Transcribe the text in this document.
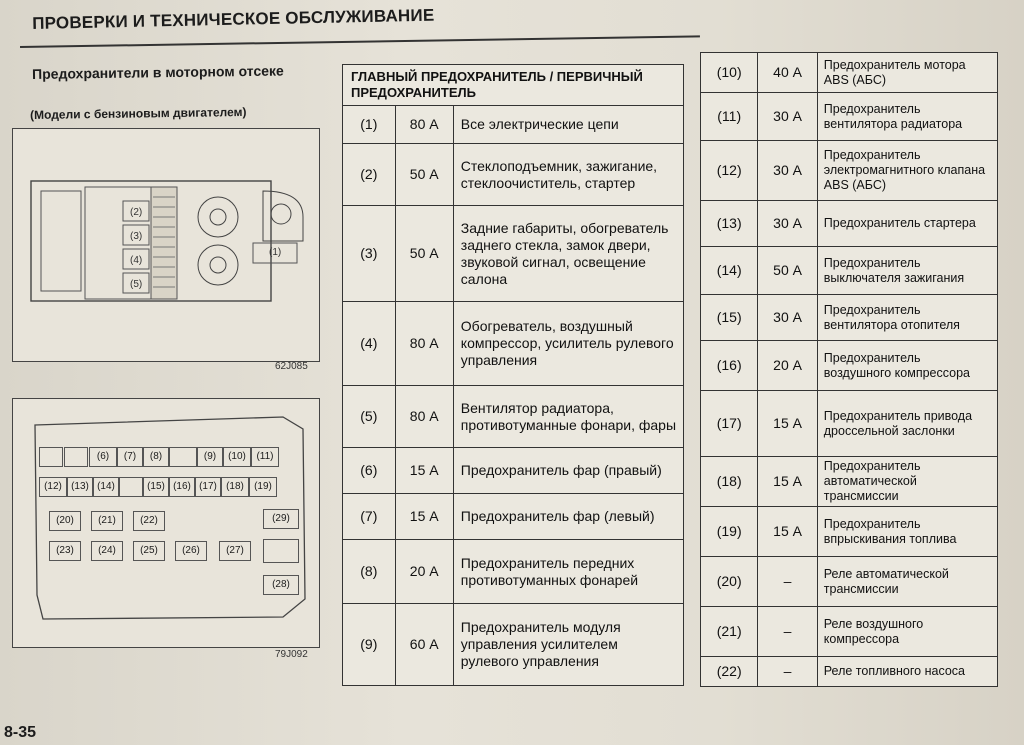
ПРОВЕРКИ И ТЕХНИЧЕСКОЕ ОБСЛУЖИВАНИЕ
Предохранители в моторном отсеке
(Модели с бензиновым двигателем)
(2)
(3)
(4)
(5)
(1)
62J085
(6)	(7)	(8)	(9)	(10)	(11)
(12) (13) (14)	(15) (16) (17) (18)	(19)
(20)	(21)	(22)	(29)
(23)	(24)	(25)	(26)	(27)
(28)
79J092
ГЛАВНЫЙ ПРЕДОХРАНИТЕЛЬ / ПЕРВИЧНЫЙ ПРЕДОХРАНИТЕЛЬ		
(1)	80 А	Все электрические цепи
(2)	50 А	Стеклоподъемник, зажигание, стеклоочиститель, стартер
(3)	50 А	Задние габариты, обогреватель заднего стекла, замок двери, звуковой сигнал, освещение салона
(4)	80 А	Обогреватель, воздушный компрессор, усилитель рулевого управления
(5)	80 А	Вентилятор радиатора, противотуманные фонари, фары
(6)	15 А	Предохранитель фар (правый)
(7)	15 А	Предохранитель фар (левый)
(8)	20 А	Предохранитель передних противотуманных фонарей
(9)	60 А	Предохранитель модуля управления усилителем рулевого управления
(10)	40 А	Предохранитель мотора ABS (АБС)
(11)	30 А	Предохранитель вентилятора радиатора
(12)	30 А	Предохранитель электромагнитного клапана ABS (АБС)
(13)	30 А	Предохранитель стартера
(14)	50 А	Предохранитель выключателя зажигания
(15)	30 А	Предохранитель вентилятора отопителя
(16)	20 А	Предохранитель воздушного компрессора
(17)	15 А	Предохранитель привода дроссельной заслонки
(18)	15 А	Предохранитель автоматической трансмиссии
(19)	15 А	Предохранитель впрыскивания топлива
(20)	–	Реле автоматической трансмиссии
(21)	–	Реле воздушного компрессора
(22)	–	Реле топливного насоса
8-35
